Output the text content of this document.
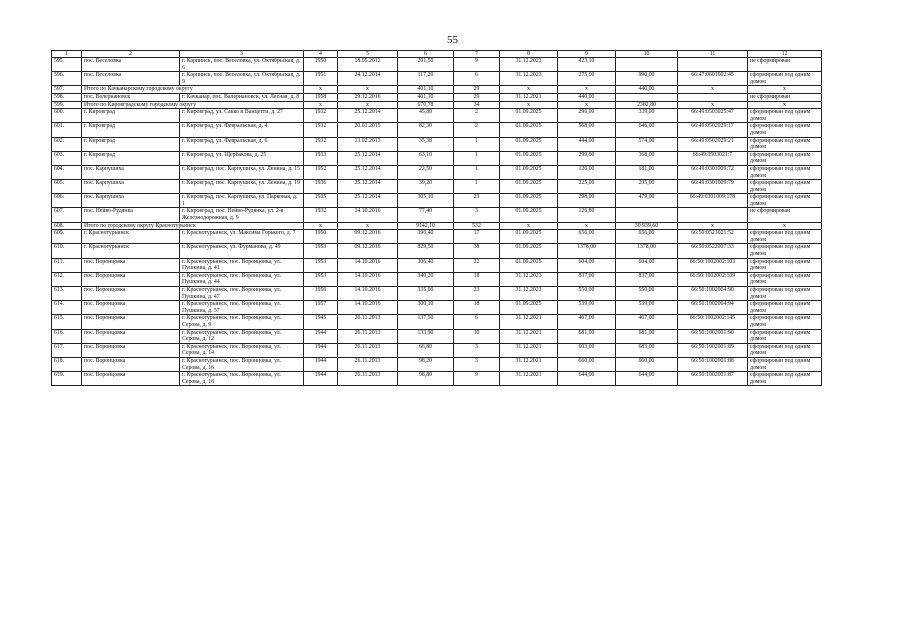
55
1	2	3	4	5	6	7	8	9	10	11	12
595.	пос. Веселовка	г. Карпинск, пос. Веселовка, ул. Октябрьская, д. 6	1950	18.05.2012	201,50	9	31.12.2023	423,10			не сформирован
596.	пос. Веселовка	г. Карпинск, пос. Веселовка, ул. Октябрьская, д. 9	1951	24.12.2014	117,20	6	31.12.2023	275,00	990,00	66:47:0601002:45	сформирован под одним домом
597.	Итого по Качканарскому городскому округу		x	x	401,10	29	x	x	440,00	x	x
598.	пос. Валериановск	г. Качканар, пос. Валериановск, ул. Лесная, д. 8	1958	29.12.2016	401,10	29	31.12.2021	440,00			не сформирован
599.	Итого по Кировградскому городскому округу		x	x	670,78	34	x	x	2382,80	x	x
600.	г. Кировград	г. Кировград, ул. Сакко и Ванцетти, д. 27	1932	25.12.2014	45,80	2	01.09.2025	296,00	339,00	66:49:0503025:47	сформирован под одним домом
601.	г. Кировград	г. Кировград, ул. Февральская, д. 4	1932	20.01.2015	82,30	2	01.09.2025	568,00	646,00	66:49:0502029:17	сформирован под одним домом
602.	г. Кировград	г. Кировград, ул. Февральская, д. 6	1932	13.02.2013	35,38	1	01.09.2025	444,00	574,00	66:49:0502029:21	сформирован под одним домом
603.	г. Кировград	г. Кировград, ул. Щербакова, д. 25	1933	25.12.2014	63,10	1	01.09.2025	299,00	368,00	66:49:0503021:7	сформирован под одним домом
604.	пос. Карпушиха	г. Кировград, пос. Карпушиха, ул. Ленина, д. 15	1952	25.12.2014	22,50	1	01.09.2025	126,00	181,00	66:49:0301009:72	сформирован под одним домом
605.	пос. Карпушиха	г. Кировград, пос. Карпушиха, ул. Ленина, д. 19	1936	25.12.2014	39,20	1	01.09.2025	225,00	295,00	66:49:0301009:79	сформирован под одним домом
606.	пос. Карпушиха	г. Кировград, пос. Карпушиха, ул. Парковая, д. 1	1935	25.12.2014	305,10	23	01.09.2025	298,00	479,00	66:49:0301009:178	сформирован под одним домом
607.	пос. Нейво-Рудянка	г. Кировград, пос. Нейво-Рудянка, ул. 2-я Железнодорожная, д. 9	1932	14.10.2016	77,40	3	01.09.2025	126,80			не сформирован
608.	Итого по городскому округу Краснотурьинск		x	x	9142,10	532	x	x	30 939,60	x	x
609.	г. Краснотурьинск	г. Краснотурьинск, ул. Максима Горького, д. 7	1950	09.12.2016	390,40	17	01.09.2025	656,00	656,00	66:50:0523021:52	сформирован под одним домом
610.	г. Краснотурьинск	г. Краснотурьинск, ул. Фурманова, д. 49	1953	09.12.2016	829,50	38	01.09.2025	1378,00	1378,00	66:50:0522007:33	сформирован под одним домом
611.	пос. Воронцовка	г. Краснотурьинск, пос. Воронцовка, ул. Пушкина, д. 41	1953	14.10.2016	306,40	22	01.09.2025	604,00	604,00	66:50:1002002:103	сформирован под одним домом
612.	пос. Воронцовка	г. Краснотурьинск, пос. Воронцовка, ул. Пушкина, д. 44	1953	14.10.2016	340,20	18	31.12.2023	837,00	837,00	66:50:1002002:109	сформирован под одним домом
613.	пос. Воронцовка	г. Краснотурьинск, пос. Воронцовка, ул. Пушкина, д. 47	1956	14.10.2016	335,00	23	31.12.2023	550,00	550,00	66:50:1002004:90	сформирован под одним домом
614.	пос. Воронцовка	г. Краснотурьинск, пос. Воронцовка, ул. Пушкина, д. 57	1957	14.10.2016	300,10	18	01.09.2025	539,00	539,00	66:50:1002004:94	сформирован под одним домом
615.	пос. Воронцовка	г. Краснотурьинск, пос. Воронцовка, ул. Серова, д. 9	1945	26.11.2013	137,50	6	31.12.2021	467,00	467,00	66:50:1002002:145	сформирован под одним домом
616.	пос. Воронцовка	г. Краснотурьинск, пос. Воронцовка, ул. Серова, д. 12	1944	26.11.2013	133,90	10	31.12.2021	681,00	681,00	66:50:1002001:90	сформирован под одним домом
617.	пос. Воронцовка	г. Краснотурьинск, пос. Воронцовка, ул. Серова, д. 14	1944	26.11.2013	66,80	3	31.12.2021	603,00	683,00	66:50:1002001:89	сформирован под одним домом
618.	пос. Воронцовка	г. Краснотурьинск, пос. Воронцовка, ул. Серова, д. 16	1944	26.11.2013	98,20	3	31.12.2021	660,00	660,00	66:50:1002001:88	сформирован под одним домом
619.	пос. Воронцовка	г. Краснотурьинск, пос. Воронцовка, ул. Серова, д. 18	1944	26.11.2013	98,80	9	31.12.2021	644,00	644,00	66:50:1002001:87	сформирован под одним домом
